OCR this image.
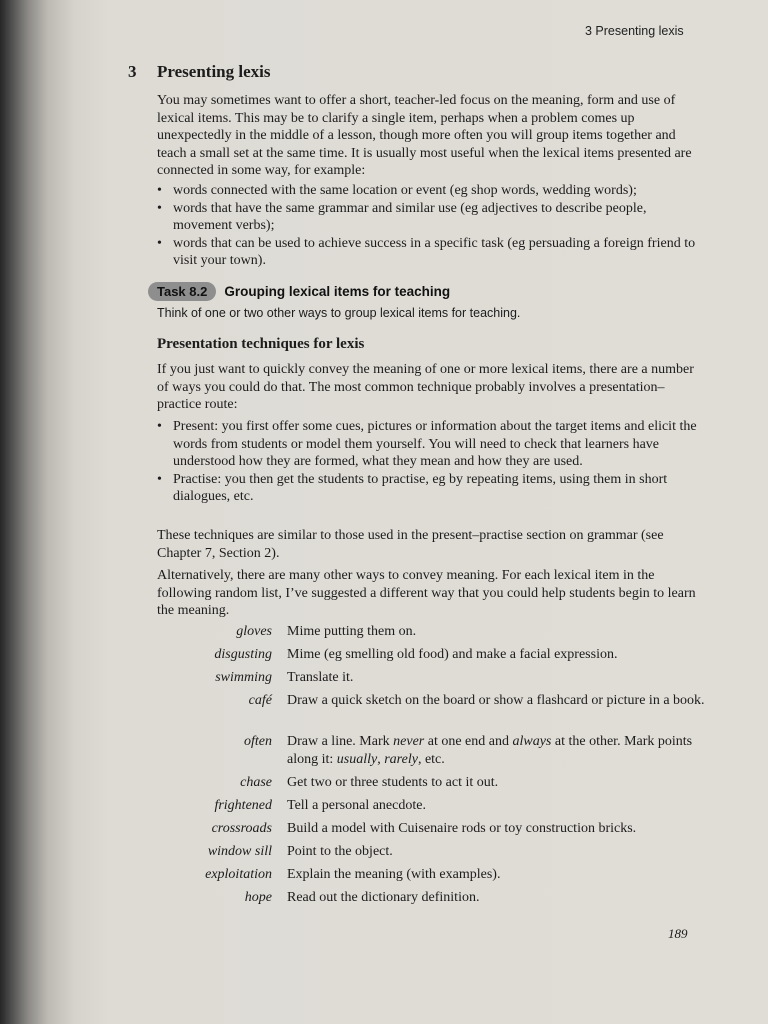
3 Presenting lexis
3 Presenting lexis

You may sometimes want to offer a short, teacher-led focus on the meaning, form and use of lexical items. This may be to clarify a single item, perhaps when a problem comes up unexpectedly in the middle of a lesson, though more often you will group items together and teach a small set at the same time. It is usually most useful when the lexical items presented are connected in some way, for example:

• words connected with the same location or event (eg shop words, wedding words);
• words that have the same grammar and similar use (eg adjectives to describe people, movement verbs);
• words that can be used to achieve success in a specific task (eg persuading a foreign friend to visit your town).
Task 8.2	Grouping lexical items for teaching
Think of one or two other ways to group lexical items for teaching.
Presentation techniques for lexis

If you just want to quickly convey the meaning of one or more lexical items, there are a number of ways you could do that. The most common technique probably involves a presentation–practice route:

• Present: you first offer some cues, pictures or information about the target items and elicit the words from students or model them yourself. You will need to check that learners have understood how they are formed, what they mean and how they are used.
• Practise: you then get the students to practise, eg by repeating items, using them in short dialogues, etc.

These techniques are similar to those used in the present–practise section on grammar (see Chapter 7, Section 2).

Alternatively, there are many other ways to convey meaning. For each lexical item in the following random list, I’ve suggested a different way that you could help students begin to learn the meaning.

gloves	Mime putting them on.
disgusting	Mime (eg smelling old food) and make a facial expression.
swimming	Translate it.
café	Draw a quick sketch on the board or show a flashcard or picture in a book.
often	Draw a line. Mark never at one end and always at the other. Mark points along it: usually, rarely, etc.
chase	Get two or three students to act it out.
frightened	Tell a personal anecdote.
crossroads	Build a model with Cuisenaire rods or toy construction bricks.
window sill	Point to the object.
exploitation	Explain the meaning (with examples).
hope	Read out the dictionary definition.
189
